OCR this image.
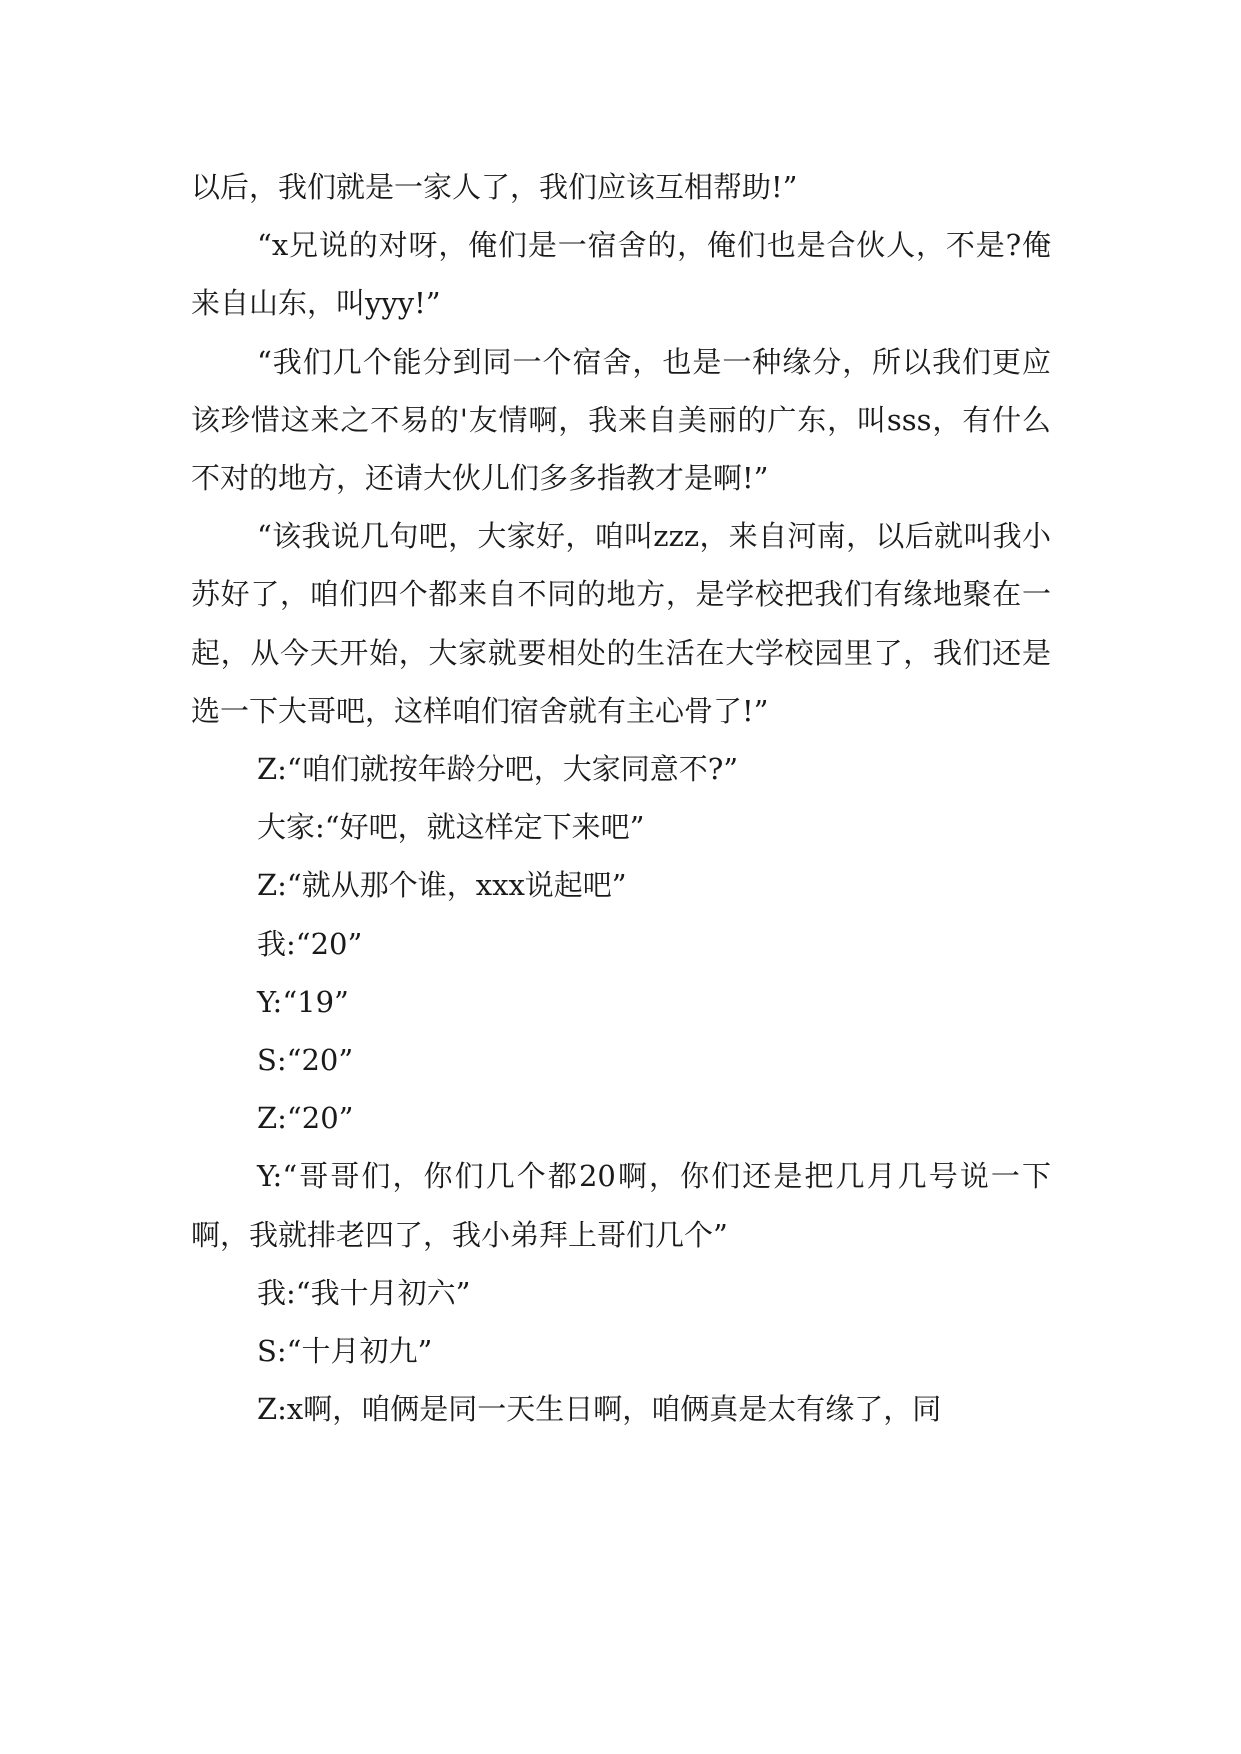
以后，我们就是一家人了，我们应该互相帮助!”

“x兄说的对呀，俺们是一宿舍的，俺们也是合伙人，不是?俺来自山东，叫yyy!”

“我们几个能分到同一个宿舍，也是一种缘分，所以我们更应该珍惜这来之不易的'友情啊，我来自美丽的广东，叫sss，有什么不对的地方，还请大伙儿们多多指教才是啊!”

“该我说几句吧，大家好，咱叫zzz，来自河南，以后就叫我小苏好了，咱们四个都来自不同的地方，是学校把我们有缘地聚在一起，从今天开始，大家就要相处的生活在大学校园里了，我们还是选一下大哥吧，这样咱们宿舍就有主心骨了!”

Z:“咱们就按年龄分吧，大家同意不?”

大家:“好吧，就这样定下来吧”

Z:“就从那个谁，xxx说起吧”

我:“20”

Y:“19”

S:“20”

Z:“20”

Y:“哥哥们，你们几个都20啊，你们还是把几月几号说一下啊，我就排老四了，我小弟拜上哥们几个”

我:“我十月初六”

S:“十月初九”

Z:x啊，咱俩是同一天生日啊，咱俩真是太有缘了，同
